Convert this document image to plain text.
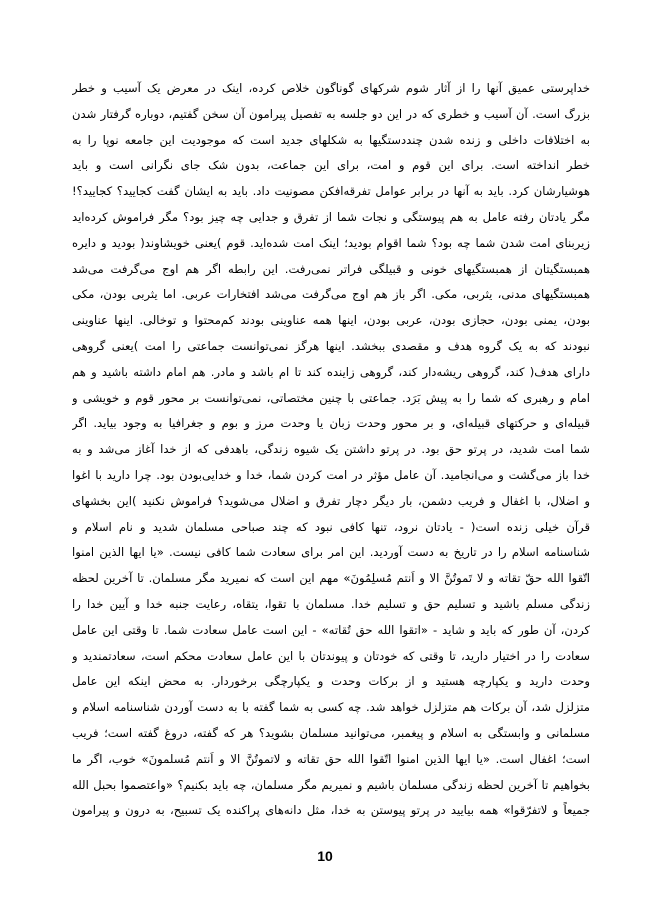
خداپرستی عمیق آنها را از آثار شوم شرکهای گوناگون خلاص کرده، اینک در معرض یک آسیب و خطر
بزرگ است. آن آسیب و خطری که در این دو جلسه به تفصیل پیرامون آن سخن گفتیم، دوباره گرفتار شدن
به اختلافات داخلی و زنده شدن چنددستگیها به شکلهای جدید است که موجودیت این جامعه نوپا را به
خطر انداخته است. برای این قوم و امت، برای این جماعت، بدون شک جای نگرانی است و باید
هوشیارشان کرد. باید به آنها در برابر عوامل تفرقه‌افکن مصونیت داد. باید به ایشان گفت کجایید؟ کجایید؟!
مگر یادتان رفته عامل به هم پیوستگی و نجات شما از تفرق و جدایی چه چیز بود؟ مگر فراموش کرده‌اید
زیربنای امت شدن شما چه بود؟ شما اقوام بودید؛ اینک امت شده‌اید. قوم )یعنی خویشاوند( بودید و دایره
همبستگیتان از همبستگیهای خونی و قبیلگی فراتر نمی‌رفت. این رابطه اگر هم اوج می‌گرفت می‌شد
همبستگیهای مدنی، یثربی، مکی. اگر باز هم اوج می‌گرفت می‌شد افتخارات عربی. اما یثربی بودن، مکی
بودن، یمنی بودن، حجازی بودن، عربی بودن، اینها همه عناوینی بودند کم‌محتوا و توخالی. اینها عناوینی
نبودند که به یک گروه هدف و مقصدی ببخشد. اینها هرگز نمی‌توانست جماعتی را امت )یعنی گروهی
دارای هدف( کند، گروهی ریشه‌دار کند، گروهی زاینده کند تا ام باشد و مادر. هم امام داشته باشید و هم
امام و رهبری که شما را به پیش بَرَد. جماعتی با چنین مختصاتی، نمی‌توانست بر محور قوم و خویشی و
قبیله‌ای و حرکتهای قبیله‌ای، و بر محور وحدت زبان یا وحدت مرز و بوم و جغرافیا به وجود بیاید. اگر
شما امت شدید، در پرتو حق بود. در پرتو داشتن یک شیوه زندگی، باهدفی که از خدا آغاز می‌شد و به
خدا باز می‌گشت و می‌انجامید. آن عامل مؤثر در امت کردن شما، خدا و خدایی‌بودن بود. چرا دارید با اغوا
و اضلال، با اغفال و فریب دشمن، بار دیگر دچار تفرق و اضلال می‌شوید؟ فراموش نکنید )این بخشهای
قرآن خیلی زنده است( - یادتان نرود، تنها کافی نبود که چند صباحی مسلمان شدید و نام اسلام و
شناسنامه اسلام را در تاریخ به دست آوردید. این امر برای سعادت شما کافی نیست. «یا ایها الذین امنوا
اتّقوا الله حقّ تقاته و لا تَموتُنَّ الا و اَنتم مُسلِمُونَ» مهم این است که نمیرید مگر مسلمان. تا آخرین لحظه
زندگی مسلم باشید و تسلیم حق و تسلیم خدا. مسلمان با تقوا، یتقاه، رعایت جنبه خدا و آیین خدا را
کردن، آن طور که باید و شاید - «اتقوا الله حق تُقاته» - این است عامل سعادت شما. تا وقتی این عامل
سعادت را در اختیار دارید، تا وقتی که خودتان و پیوندتان با این عامل سعادت محکم است، سعادتمندید و
وحدت دارید و یکپارچه هستید و از برکات وحدت و یکپارچگی برخوردار. به محض اینکه این عامل
متزلزل شد، آن برکات هم متزلزل خواهد شد. چه کسی به شما گفته با به دست آوردن شناسنامه اسلام و
مسلمانی و وابستگی به اسلام و پیغمبر، می‌توانید مسلمان بشوید؟ هر که گفته، دروغ گفته است؛ فریب
است؛ اغفال است. «یا ایها الذین امنوا اتّقوا الله حق تقاته و لاتموتُنَّ الا و اَنتم مُسلمونَ» خوب، اگر ما
بخواهیم تا آخرین لحظه زندگی مسلمان باشیم و نمیریم مگر مسلمان، چه باید بکنیم؟ «واعتصموا بحبل الله
جمیعاً و لاتفرّقوا» همه بیایید در پرتو پیوستن به خدا، مثل دانه‌های پراکنده یک تسبیح، به درون و پیرامون
10
